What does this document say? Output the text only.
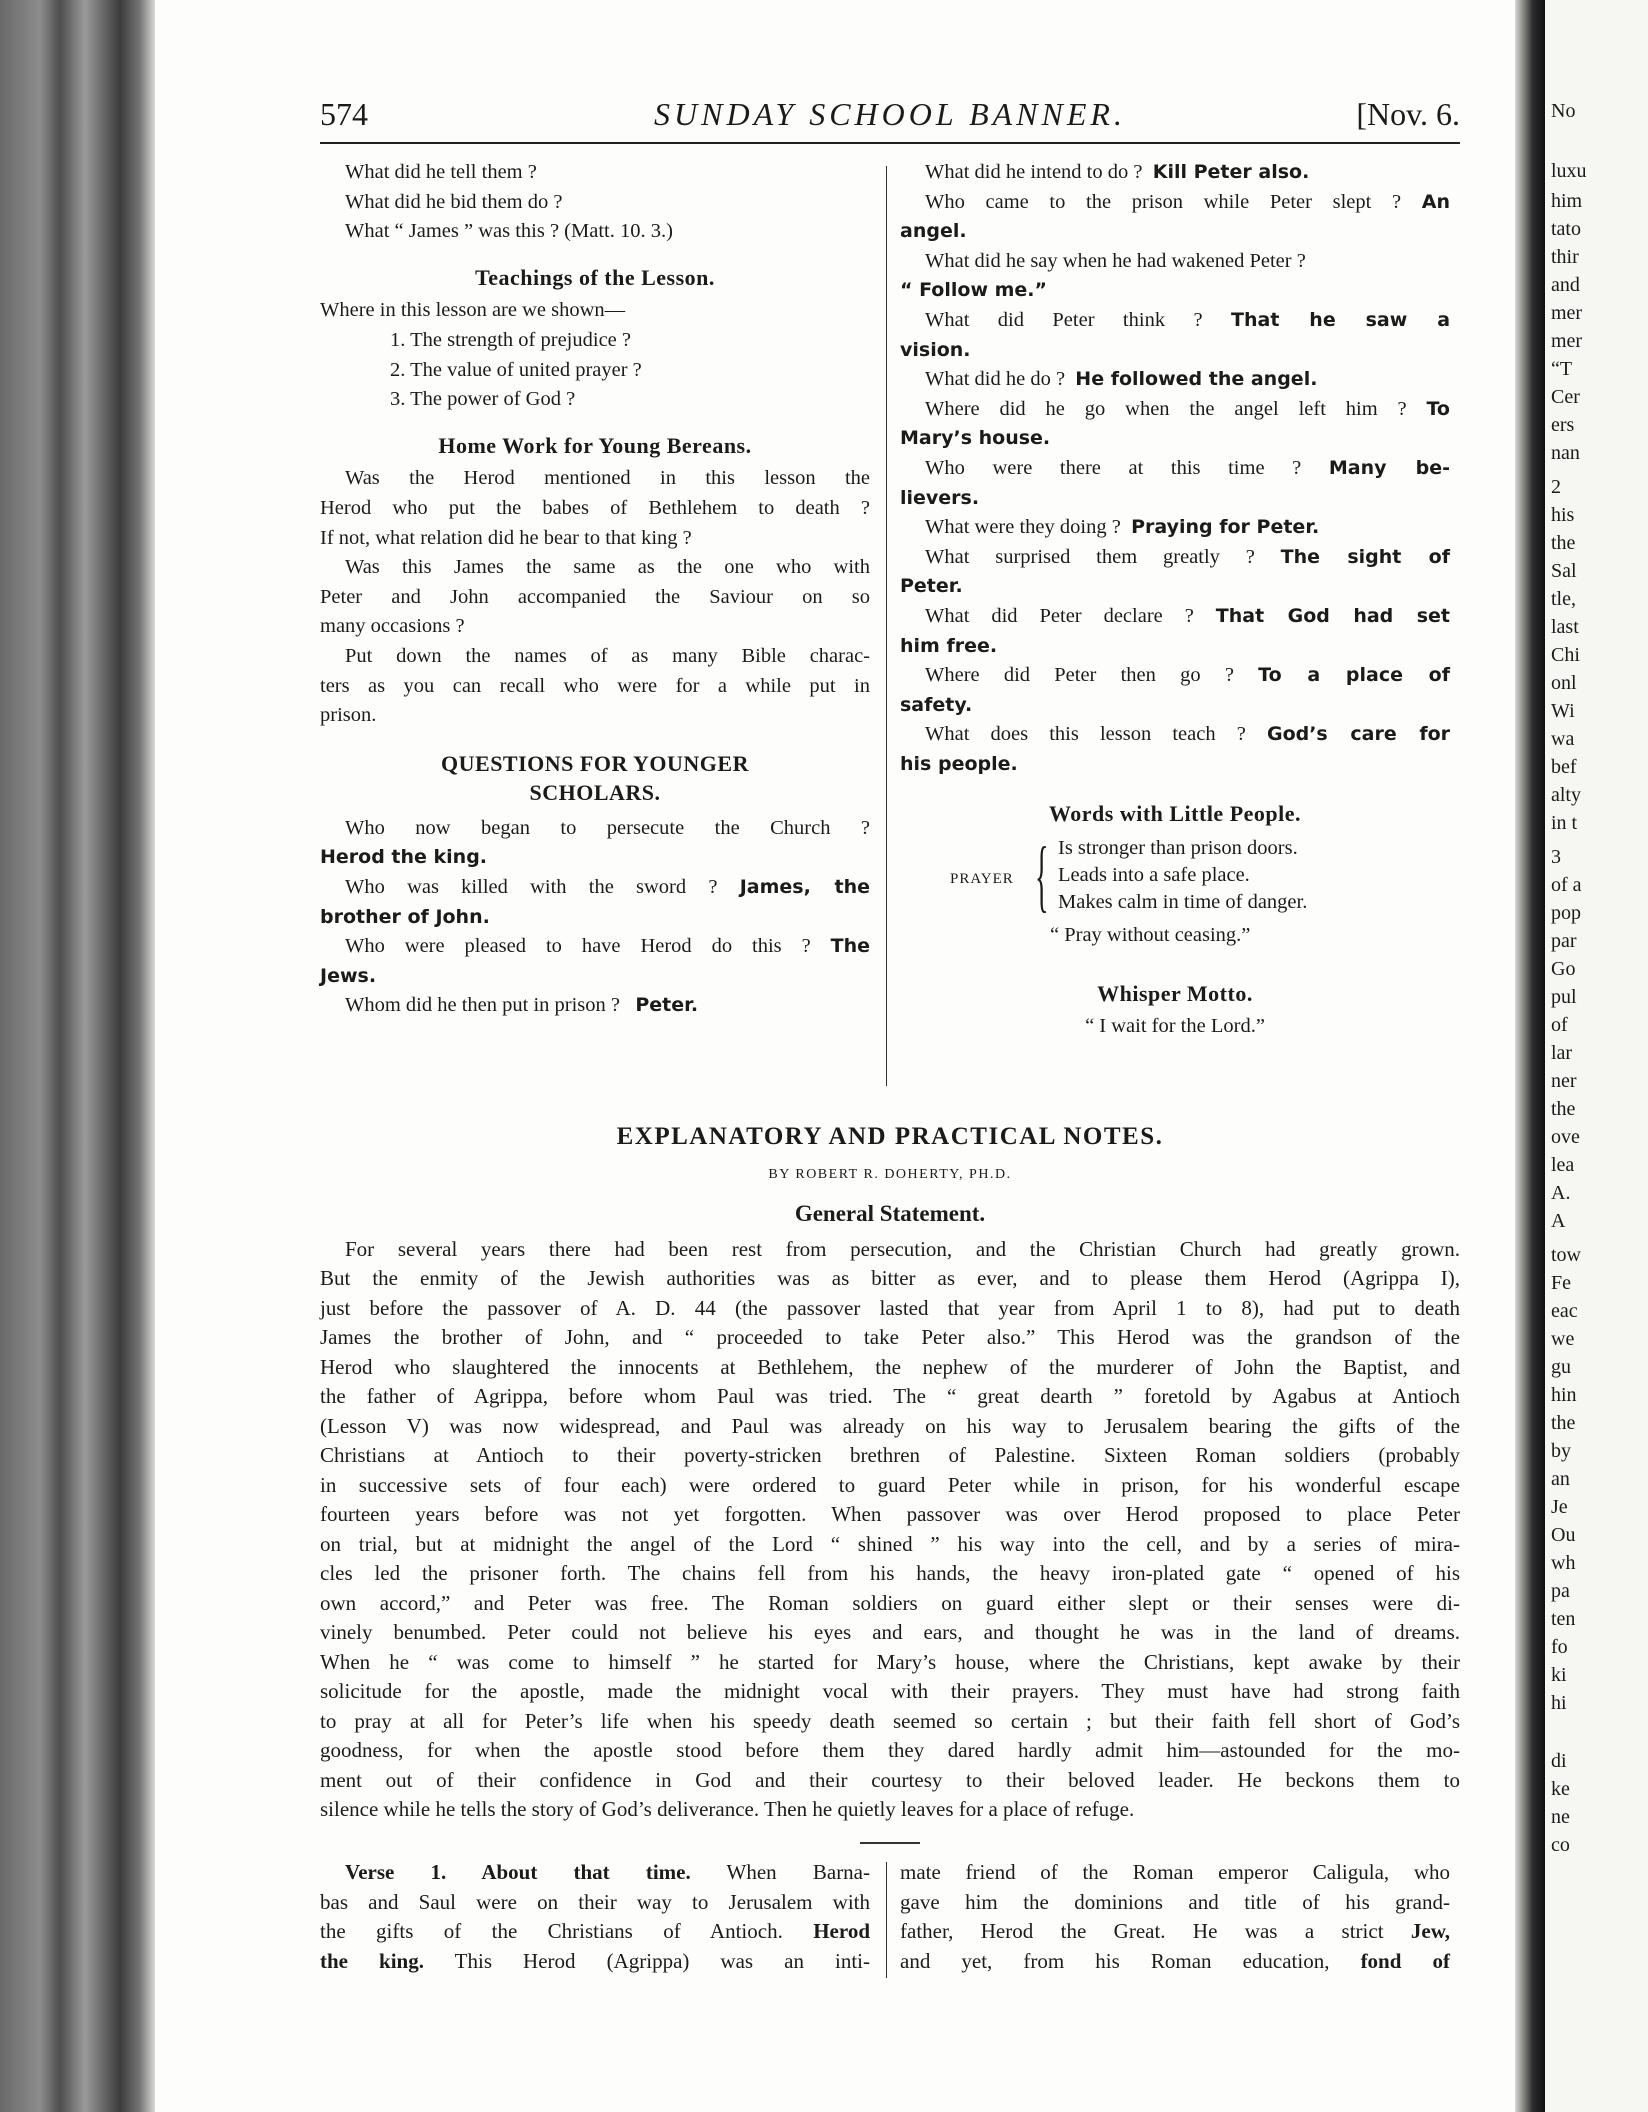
574	SUNDAY SCHOOL BANNER.	[Nov. 6.
What did he tell them ?
What did he bid them do ?
What “ James ” was this ? (Matt. 10. 3.)
Teachings of the Lesson.
Where in this lesson are we shown—
1. The strength of prejudice ?
2. The value of united prayer ?
3. The power of God ?
Home Work for Young Bereans.
Was the Herod mentioned in this lesson the
Herod who put the babes of Bethlehem to death ?
If not, what relation did he bear to that king ?
Was this James the same as the one who with
Peter and John accompanied the Saviour on so
many occasions ?
Put down the names of as many Bible charac-
ters as you can recall who were for a while put in
prison.
QUESTIONS FOR YOUNGER
SCHOLARS.
Who now began to persecute the Church ?
Herod the king.
Who was killed with the sword ? James, the
brother of John.
Who were pleased to have Herod do this ? The
Jews.
Whom did he then put in prison ? Peter.
What did he intend to do ? Kill Peter also.
Who came to the prison while Peter slept ? An
angel.
What did he say when he had wakened Peter ?
“ Follow me.”
What did Peter think ? That he saw a
vision.
What did he do ? He followed the angel.
Where did he go when the angel left him ? To
Mary’s house.
Who were there at this time ? Many be-
lievers.
What were they doing ? Praying for Peter.
What surprised them greatly ? The sight of
Peter.
What did Peter declare ? That God had set
him free.
Where did Peter then go ? To a place of
safety.
What does this lesson teach ? God’s care for
his people.
Words with Little People.
PRAYER { Is stronger than prison doors.
Leads into a safe place.
Makes calm in time of danger.
“ Pray without ceasing.”
Whisper Motto.
“ I wait for the Lord.”
EXPLANATORY AND PRACTICAL NOTES.
BY ROBERT R. DOHERTY, PH.D.
General Statement.
For several years there had been rest from persecution, and the Christian Church had greatly grown.
But the enmity of the Jewish authorities was as bitter as ever, and to please them Herod (Agrippa I),
just before the passover of A. D. 44 (the passover lasted that year from April 1 to 8), had put to death
James the brother of John, and “ proceeded to take Peter also.” This Herod was the grandson of the
Herod who slaughtered the innocents at Bethlehem, the nephew of the murderer of John the Baptist, and
the father of Agrippa, before whom Paul was tried. The “ great dearth ” foretold by Agabus at Antioch
(Lesson V) was now widespread, and Paul was already on his way to Jerusalem bearing the gifts of the
Christians at Antioch to their poverty-stricken brethren of Palestine. Sixteen Roman soldiers (probably
in successive sets of four each) were ordered to guard Peter while in prison, for his wonderful escape
fourteen years before was not yet forgotten. When passover was over Herod proposed to place Peter
on trial, but at midnight the angel of the Lord “ shined ” his way into the cell, and by a series of mira-
cles led the prisoner forth. The chains fell from his hands, the heavy iron-plated gate “ opened of his
own accord,” and Peter was free. The Roman soldiers on guard either slept or their senses were di-
vinely benumbed. Peter could not believe his eyes and ears, and thought he was in the land of dreams.
When he “ was come to himself ” he started for Mary’s house, where the Christians, kept awake by their
solicitude for the apostle, made the midnight vocal with their prayers. They must have had strong faith
to pray at all for Peter’s life when his speedy death seemed so certain ; but their faith fell short of God’s
goodness, for when the apostle stood before them they dared hardly admit him—astounded for the mo-
ment out of their confidence in God and their courtesy to their beloved leader. He beckons them to
silence while he tells the story of God’s deliverance. Then he quietly leaves for a place of refuge.
Verse 1. About that time. When Barna-
bas and Saul were on their way to Jerusalem with
the gifts of the Christians of Antioch. Herod
the king. This Herod (Agrippa) was an inti-
mate friend of the Roman emperor Caligula, who
gave him the dominions and title of his grand-
father, Herod the Great. He was a strict Jew,
and yet, from his Roman education, fond of
No
luxu
him
tato
thir
and
mer
mer
“T
Cer
ers
nan
2
his
the
Sal
tle,
last
Chi
onl
Wi
wa
bef
alty
in t
3
of a
pop
par
Go
pul
of
lar
ner
the
ove
lea
A.
A
tow
Fe
eac
we
gu
hin
the
by
an
Je
Ou
wh
pa
ten
fo
ki
hi
di
ke
ne
co
